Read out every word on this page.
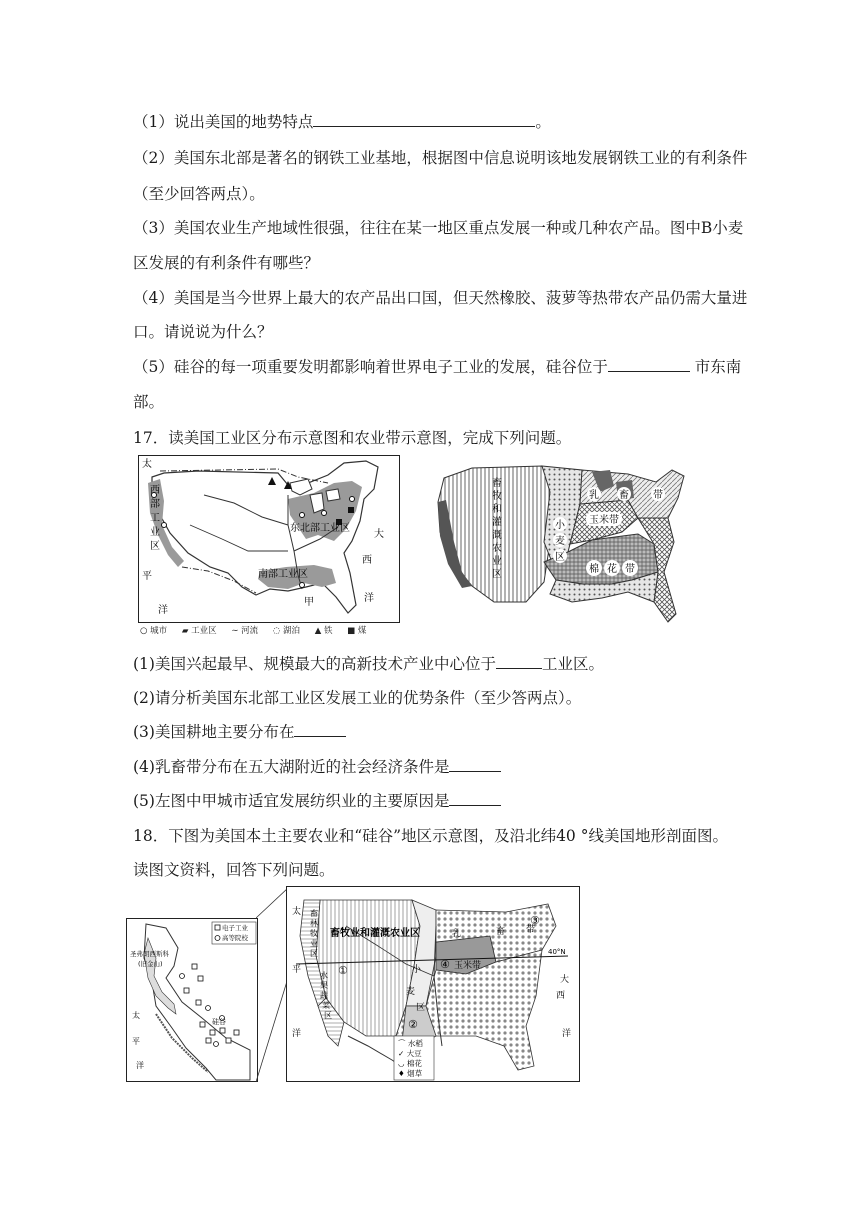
（1）说出美国的地势特点	。
（2）美国东北部是著名的钢铁工业基地，根据图中信息说明该地发展钢铁工业的有利条件
（至少回答两点）。
（3）美国农业生产地域性很强，往往在某一地区重点发展一种或几种农产品。图中B小麦
区发展的有利条件有哪些？
（4）美国是当今世界上最大的农产品出口国，但天然橡胶、菠萝等热带农产品仍需大量进
口。请说说为什么？
（5）硅谷的每一项重要发明都影响着世界电子工业的发展，硅谷位于	市东南
部。
17．读美国工业区分布示意图和农业带示意图，完成下列问题。
太
平
洋
大
西
洋
西
部
工
业
区
东北部工业区
南部工业区
甲
○ 城市 ▰ 工业区 ∼ 河流 ◌ 湖泊 ▲ 铁 ■ 煤
畜
牧
和
灌
溉
农
业
区
乳 畜 带
玉米带
小
麦
区
棉 花 带
(1)美国兴起最早、规模最大的高新技术产业中心位于	工业区。
(2)请分析美国东北部工业区发展工业的优势条件（至少答两点）。
(3)美国耕地主要分布在
(4)乳畜带分布在五大湖附近的社会经济条件是
(5)左图中甲城市适宜发展纺织业的主要原因是
18．下图为美国本土主要农业和“硅谷”地区示意图，及沿北纬40 °线美国地形剖面图。
读图文资料，回答下列问题。
电子工业
高等院校
圣弗朗西斯科
(旧金山)
硅谷
太
平
洋
畜牧业和灌溉农业区
畜
林
牧
业
区
水
果
蔬
菜
区
小
麦
区
玉米带
乳	畜 带
40°N
①
②
③
④
太
平
洋
大
西
洋
⌒ 水稻
✓ 大豆
◡ 棉花
♦ 烟草
